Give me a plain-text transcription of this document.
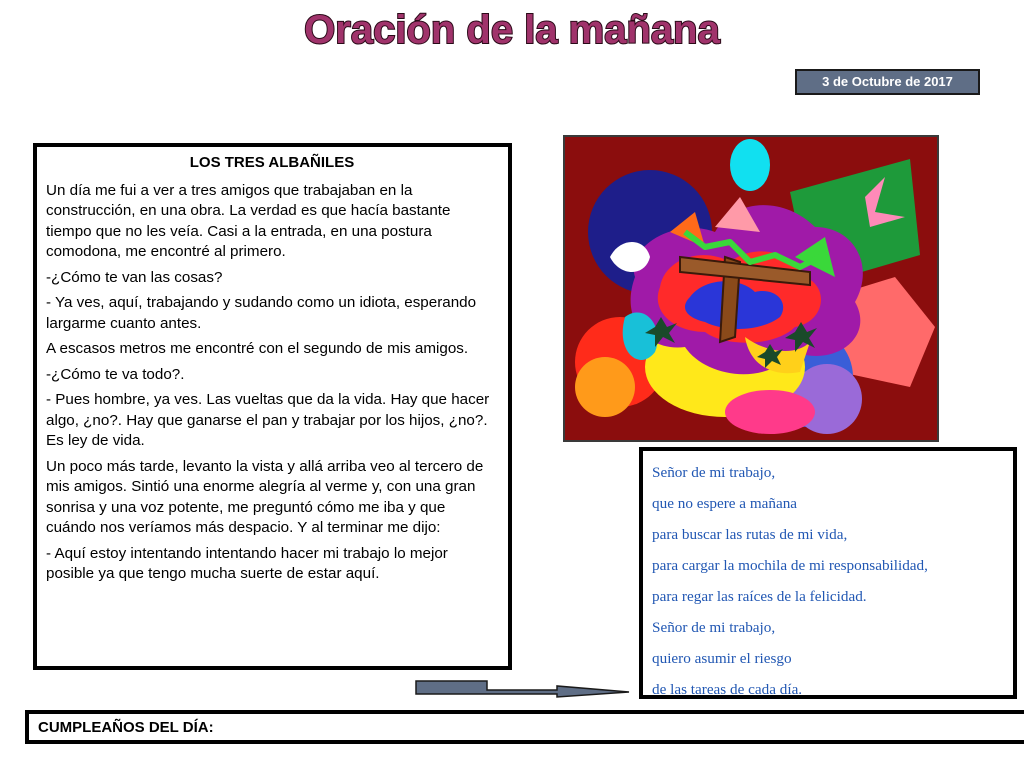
Oración de la mañana
3 de Octubre de 2017
LOS TRES ALBAÑILES

Un día me fui a ver a tres amigos que trabajaban en la construcción, en una obra. La verdad es que hacía bastante tiempo que no les veía. Casi a la entrada, en una postura comodona, me encontré al primero.

-¿Cómo te van las cosas?

- Ya ves, aquí, trabajando y sudando como un idiota, esperando largarme cuanto antes.

A escasos metros me encontré con el segundo de mis amigos.

-¿Cómo te va todo?.

- Pues hombre, ya ves. Las vueltas que da la vida. Hay que hacer algo, ¿no?. Hay que ganarse el pan y trabajar por los hijos, ¿no?. Es ley de vida.

Un poco más tarde, levanto la vista y allá arriba veo al tercero de mis amigos. Sintió una enorme alegría al verme y, con una gran sonrisa y una voz potente, me preguntó cómo me iba y que cuándo nos veríamos más despacio. Y al terminar me dijo:

- Aquí estoy intentando intentando hacer mi trabajo lo mejor posible ya que tengo mucha suerte de estar aquí.

Señor de mi trabajo,
que no espere a mañana
para buscar las rutas de mi vida,
para cargar la mochila de mi responsabilidad,
para regar las raíces de la felicidad.
Señor de mi trabajo,
quiero asumir el riesgo
de las tareas de cada día.
CUMPLEAÑOS DEL DÍA:
